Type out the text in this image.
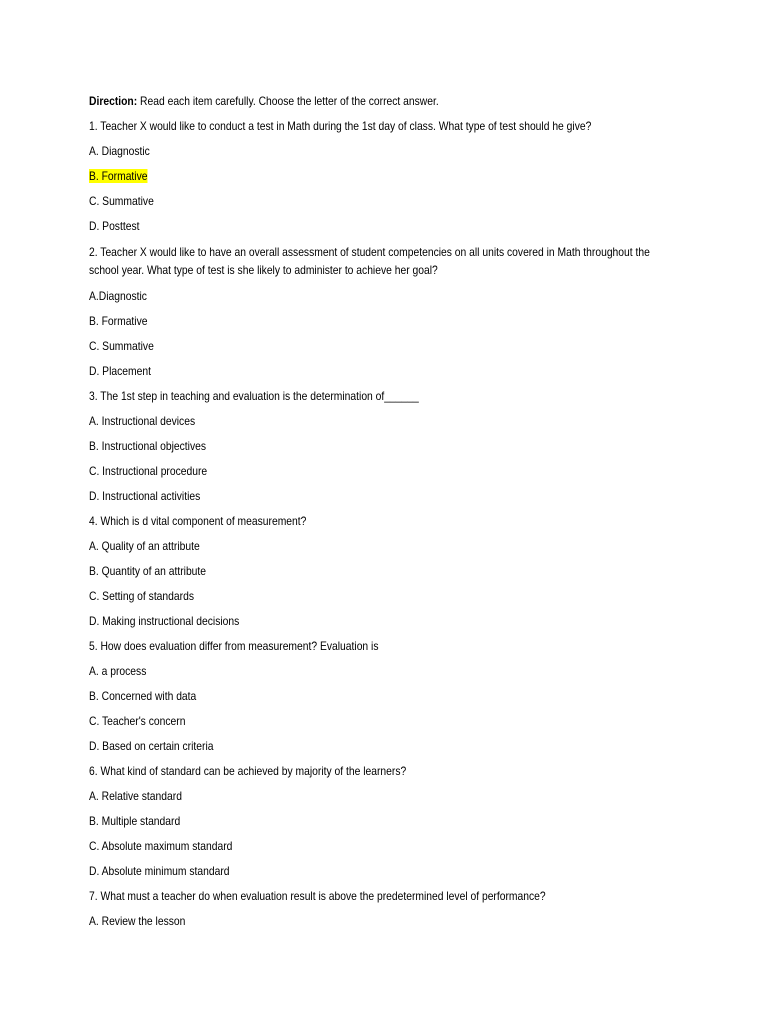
Direction: Read each item carefully. Choose the letter of the correct answer.
1. Teacher X would like to conduct a test in Math during the 1st day of class. What type of test should he give?
A. Diagnostic
B. Formative
C. Summative
D. Posttest
2. Teacher X would like to have an overall assessment of student competencies on all units covered in Math throughout the school year. What type of test is she likely to administer to achieve her goal?
A.Diagnostic
B. Formative
C. Summative
D. Placement
3. The 1st step in teaching and evaluation is the determination of______
A. Instructional devices
B. Instructional objectives
C. Instructional procedure
D. Instructional activities
4. Which is d vital component of measurement?
A. Quality of an attribute
B. Quantity of an attribute
C. Setting of standards
D. Making instructional decisions
5. How does evaluation differ from measurement? Evaluation is
A. a process
B. Concerned with data
C. Teacher's concern
D. Based on certain criteria
6. What kind of standard can be achieved by majority of the learners?
A. Relative standard
B. Multiple standard
C. Absolute maximum standard
D. Absolute minimum standard
7. What must a teacher do when evaluation result is above the predetermined level of performance?
A. Review the lesson
